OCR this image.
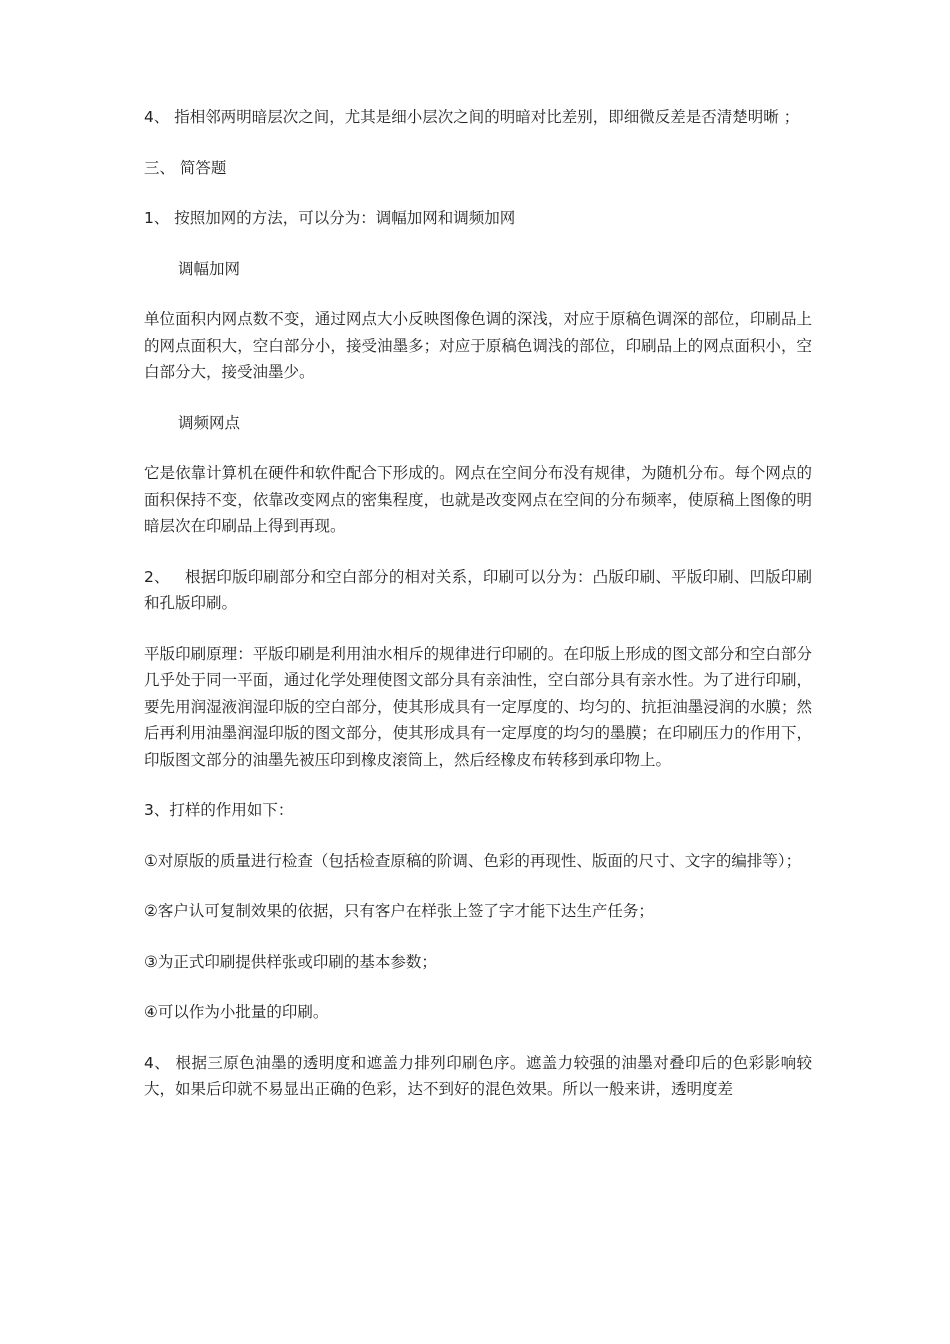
4、 指相邻两明暗层次之间，尤其是细小层次之间的明暗对比差别，即细微反差是否清楚明晰 ；

三、 简答题

1、 按照加网的方法，可以分为：调幅加网和调频加网

调幅加网

单位面积内网点数不变，通过网点大小反映图像色调的深浅，对应于原稿色调深的部位，印刷品上的网点面积大，空白部分小，接受油墨多；对应于原稿色调浅的部位，印刷品上的网点面积小，空白部分大，接受油墨少。

调频网点

它是依靠计算机在硬件和软件配合下形成的。网点在空间分布没有规律，为随机分布。每个网点的面积保持不变，依靠改变网点的密集程度，也就是改变网点在空间的分布频率，使原稿上图像的明暗层次在印刷品上得到再现。

2、   根据印版印刷部分和空白部分的相对关系，印刷可以分为：凸版印刷、平版印刷、凹版印刷和孔版印刷。

平版印刷原理：平版印刷是利用油水相斥的规律进行印刷的。在印版上形成的图文部分和空白部分几乎处于同一平面，通过化学处理使图文部分具有亲油性，空白部分具有亲水性。为了进行印刷，要先用润湿液润湿印版的空白部分，使其形成具有一定厚度的、均匀的、抗拒油墨浸润的水膜；然后再利用油墨润湿印版的图文部分，使其形成具有一定厚度的均匀的墨膜；在印刷压力的作用下，印版图文部分的油墨先被压印到橡皮滚筒上，然后经橡皮布转移到承印物上。

3、打样的作用如下：

①对原版的质量进行检查（包括检查原稿的阶调、色彩的再现性、版面的尺寸、文字的编排等）；

②客户认可复制效果的依据，只有客户在样张上签了字才能下达生产任务；

③为正式印刷提供样张或印刷的基本参数；

④可以作为小批量的印刷。

4、 根据三原色油墨的透明度和遮盖力排列印刷色序。遮盖力较强的油墨对叠印后的色彩影响较大，如果后印就不易显出正确的色彩，达不到好的混色效果。所以一般来讲，透明度差
